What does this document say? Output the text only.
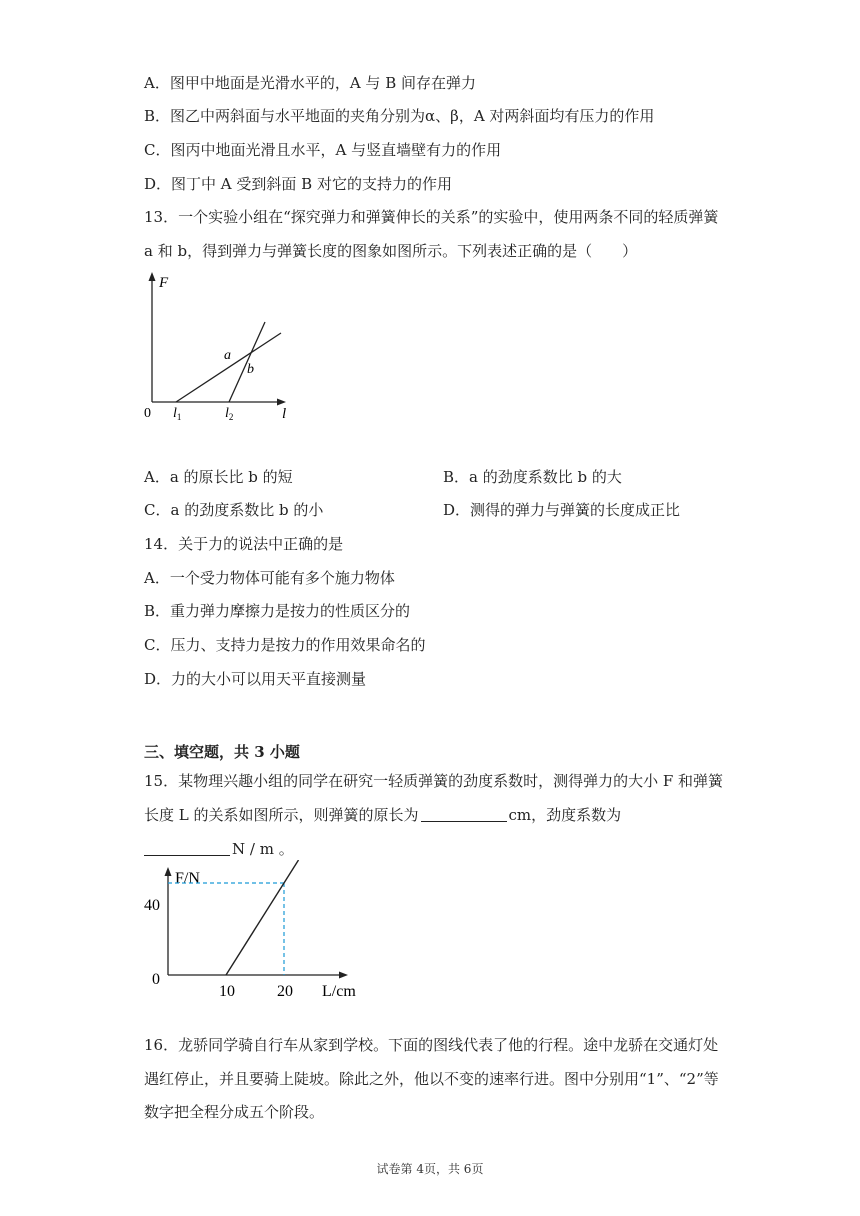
A．图甲中地面是光滑水平的，A 与 B 间存在弹力
B．图乙中两斜面与水平地面的夹角分别为α、β，A 对两斜面均有压力的作用
C．图丙中地面光滑且水平，A 与竖直墙壁有力的作用
D．图丁中 A 受到斜面 B 对它的支持力的作用
13．一个实验小组在“探究弹力和弹簧伸长的关系”的实验中，使用两条不同的轻质弹簧
a 和 b，得到弹力与弹簧长度的图象如图所示。下列表述正确的是（　　）
F
l
0
a
b
$l_1$	$l_2$
A．a 的原长比 b 的短	B．a 的劲度系数比 b 的大
C．a 的劲度系数比 b 的小	D．测得的弹力与弹簧的长度成正比
14．关于力的说法中正确的是
A．一个受力物体可能有多个施力物体
B．重力弹力摩擦力是按力的性质区分的
C．压力、支持力是按力的作用效果命名的
D．力的大小可以用天平直接测量
三、填空题，共 3 小题
15．某物理兴趣小组的同学在研究一轻质弹簧的劲度系数时，测得弹力的大小 F 和弹簧
长度 L 的关系如图所示，则弹簧的原长为	cm，劲度系数为
N / m 。
F/N
L/cm
0
40
10	20
16．龙骄同学骑自行车从家到学校。下面的图线代表了他的行程。途中龙骄在交通灯处
遇红停止，并且要骑上陡坡。除此之外，他以不变的速率行进。图中分别用“1”、“2”等
数字把全程分成五个阶段。
试卷第 4页，共 6页
